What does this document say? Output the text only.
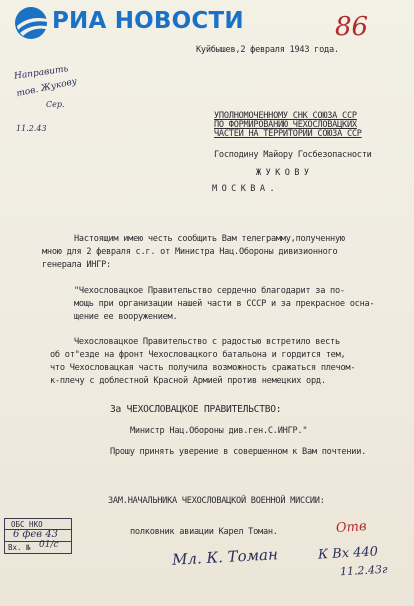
РИА НОВОСТИ	86
Куйбышев,2 февраля 1943 года.
Направить
тов. Жукову
Сер.
11.2.43
УПОЛНОМОЧЕННОМУ СНК СОЮЗА ССР
ПО ФОРМИРОВАНИЮ ЧЕХОСЛОВАЦКИХ
ЧАСТЕЙ НА ТЕРРИТОРИИ СОЮЗА ССР
Господину Майору Госбезопасности
ЖУКОВУ
МОСКВА.
Настоящим имею честь сообщить Вам телеграмму,полученную
мною для 2 февраля с.г. от Министра Нац.Обороны дивизионного
генерала ИНГР:
"Чехословацкое Правительство сердечно благодарит за по-
мощь при организации нашей части в СССР и за прекрасное осна-
щение ее вооружением.
Чехословацкое Правительство с радостью встретило весть
об от"езде на фронт Чехословацкого батальона и гордится тем,
что Чехословацкая часть получила возможность сражаться плечом-
к-плечу с доблестной Красной Армией против немецких орд.
За ЧЕХОСЛОВАЦКОЕ ПРАВИТЕЛЬСТВО:
Министр Нац.Обороны див.ген.С.ИНГР."
Прошу принять уверение в совершенном к Вам почтении.
ЗАМ.НАЧАЛЬНИКА ЧЕХОСЛОВАЦКОЙ ВОЕННОЙ МИССИИ:
полковник авиации Карел Томан.	Отв
Мл. К. Томан	К Вх 440
11.2.43г
ОБС НКО
6 фев 43
Вх. № 01/с
